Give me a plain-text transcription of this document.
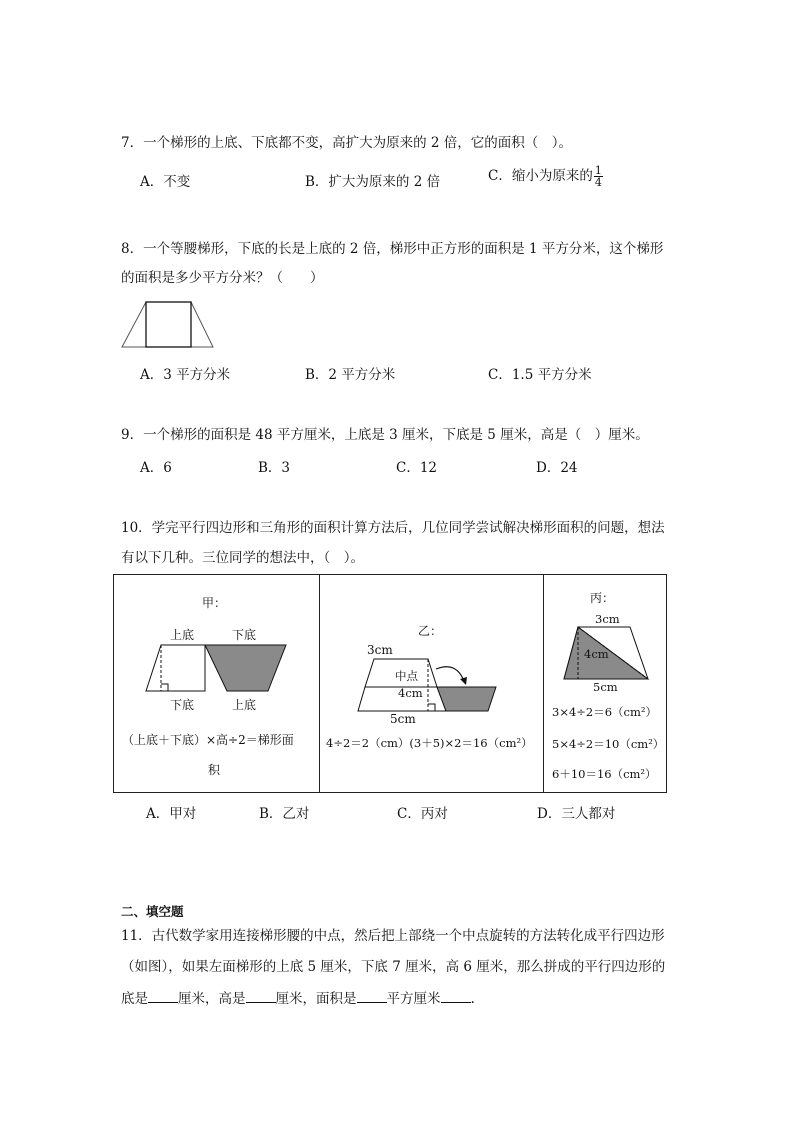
7．一个梯形的上底、下底都不变，高扩大为原来的 2 倍，它的面积（　）。
A．不变	B．扩大为原来的 2 倍	C．缩小为原来的 $\frac{1}{4}$
8．一个等腰梯形，下底的长是上底的 2 倍，梯形中正方形的面积是 1 平方分米，这个梯形
的面积是多少平方分米？（　　）
A．3 平方分米	B．2 平方分米	C．1.5 平方分米
9．一个梯形的面积是 48 平方厘米，上底是 3 厘米，下底是 5 厘米，高是（　）厘米。
A．6	B．3	C．12	D．24
10．学完平行四边形和三角形的面积计算方法后，几位同学尝试解决梯形面积的问题，想法
有以下几种。三位同学的想法中，（　）。
甲：
上底	下底
下底	上底
（上底＋下底）×高÷2＝梯形面
积
乙：
3cm
中点
4cm
5cm
4÷2＝2（cm）(3＋5)×2＝16（cm²）
丙：
3cm
4cm
5cm
3×4÷2＝6（cm²）
5×4÷2＝10（cm²）
6＋10＝16（cm²）
A．甲对	B．乙对	C．丙对	D．三人都对
二、填空题
11．古代数学家用连接梯形腰的中点，然后把上部绕一个中点旋转的方法转化成平行四边形
（如图），如果左面梯形的上底 5 厘米，下底 7 厘米，高 6 厘米，那么拼成的平行四边形的
底是 厘米，高是 厘米，面积是 平方厘米 .
